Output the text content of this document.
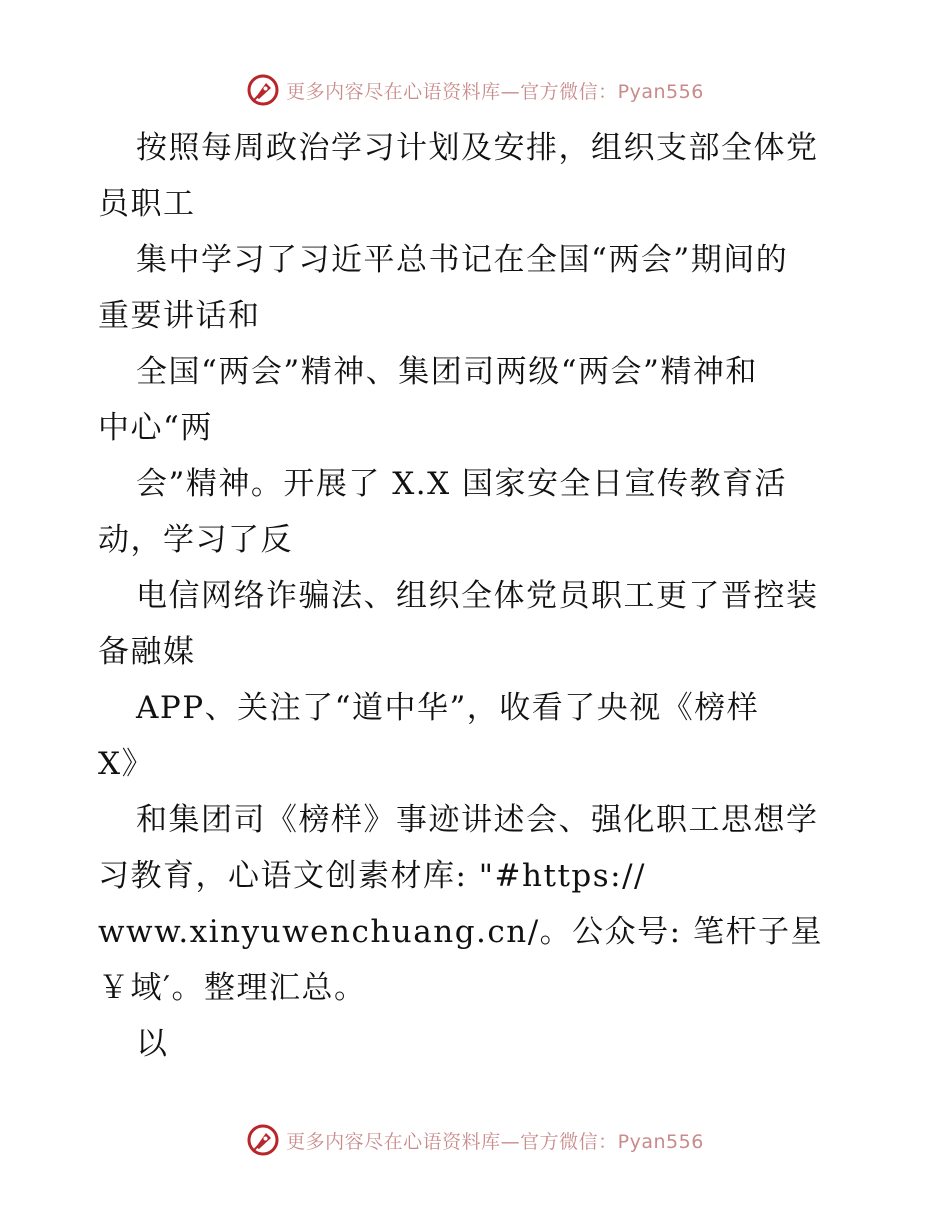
更多内容尽在心语资料库—官方微信：Pyan556
按照每周政治学习计划及安排，组织支部全体党
员职工
集中学习了习近平总书记在全国“两会”期间的
重要讲话和
全国“两会”精神、集团司两级“两会”精神和
中心“两
会”精神。开展了 X.X 国家安全日宣传教育活
动，学习了反
电信网络诈骗法、组织全体党员职工更了晋控装
备融媒
APP、关注了“道中华”，收看了央视《榜样
X》
和集团司《榜样》事迹讲述会、强化职工思想学
习教育，心语文创素材库: "#https://
www.xinyuwenchuang.cn/。公众号: 笔杆子星
￥域′。整理汇总。
以
更多内容尽在心语资料库—官方微信：Pyan556
